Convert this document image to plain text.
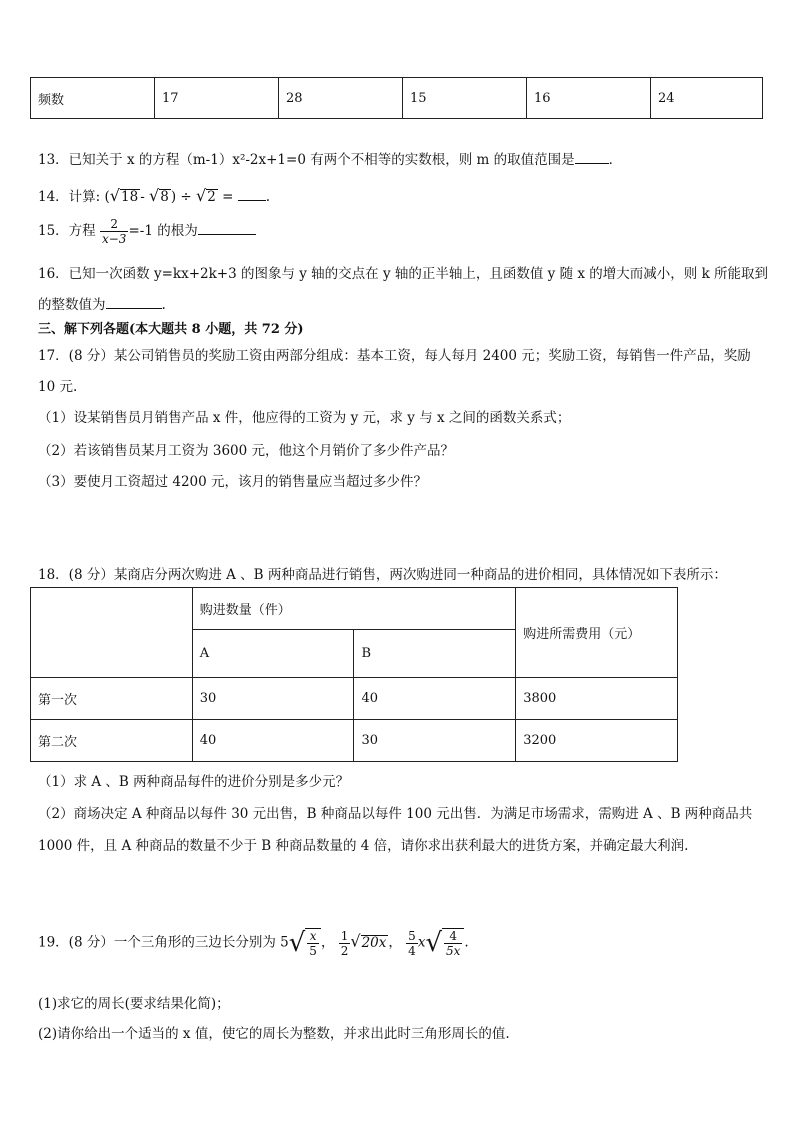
频数	17	28	15	16	24
13．已知关于 x 的方程（m-1）x²-2x+1=0 有两个不相等的实数根，则 m 的取值范围是	．
14．计算: (√18 - √8 ) ÷ √2 = .
15．方程 $\frac{2}{x-3} =-1$ 的根为
16．已知一次函数 y=kx+2k+3 的图象与 y 轴的交点在 y 轴的正半轴上，且函数值 y 随 x 的增大而减小，则 k 所能取到
的整数值为	.
三、解下列各题(本大题共 8 小题，共 72 分)
17．(8 分）某公司销售员的奖励工资由两部分组成：基本工资，每人每月 2400 元；奖励工资，每销售一件产品，奖励
10 元.
（1）设某销售员月销售产品 x 件，他应得的工资为 y 元，求 y 与 x 之间的函数关系式；
（2）若该销售员某月工资为 3600 元，他这个月销价了多少件产品？
（3）要使月工资超过 4200 元，该月的销售量应当超过多少件？
18．(8 分）某商店分两次购进 A 、B 两种商品进行销售，两次购进同一种商品的进价相同，具体情况如下表所示：
	购进数量（件）		购进所需费用（元）
	A	B	
第一次	30	40	3800
第二次	40	30	3200
（1）求 A 、B 两种商品每件的进价分别是多少元？
（2）商场决定 A 种商品以每件 30 元出售，B 种商品以每件 100 元出售．为满足市场需求，需购进 A 、B 两种商品共
1000 件，且 A 种商品的数量不少于 B 种商品数量的 4 倍，请你求出获利最大的进货方案，并确定最大利润.
19．(8 分）一个三角形的三边长分别为 $5√ \frac{x}{5}$ ， $\frac{1}{2} √20x$ ， $\frac{5}{4} x√ \frac{4}{5x}$ .
(1)求它的周长(要求结果化简)；
(2)请你给出一个适当的 x 值，使它的周长为整数，并求出此时三角形周长的值.
